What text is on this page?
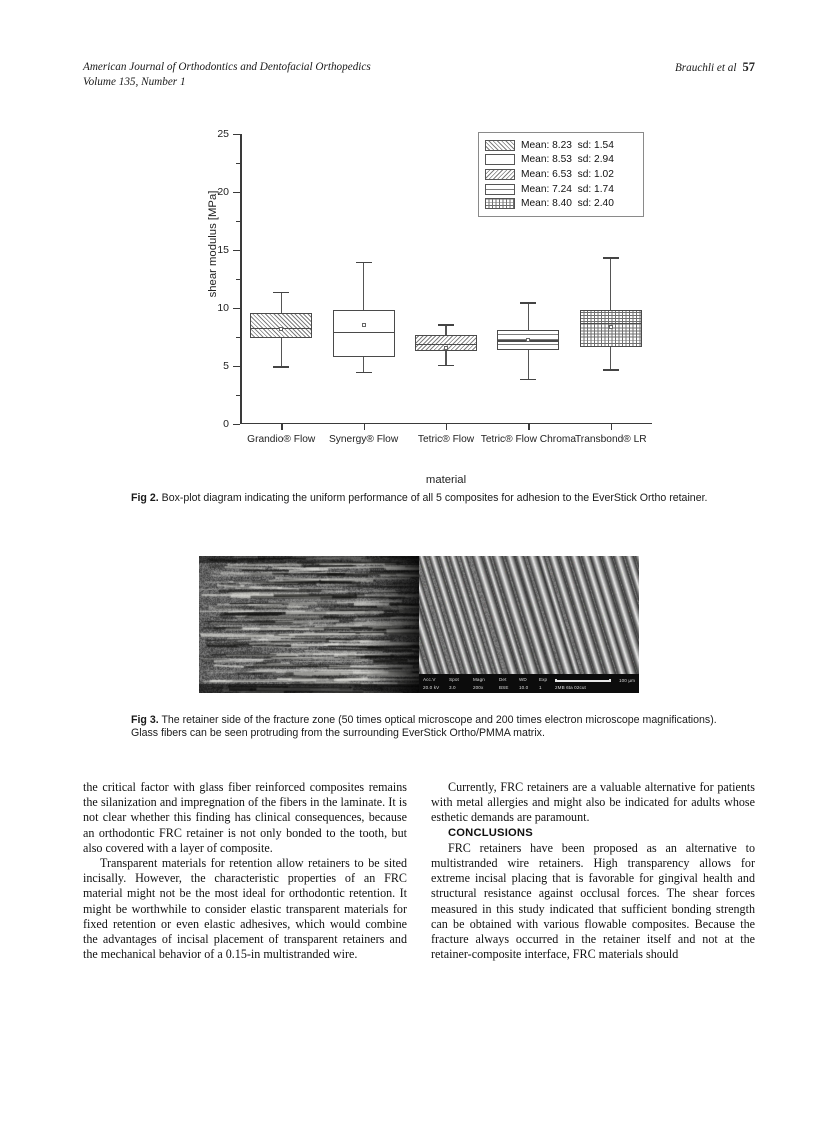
American Journal of Orthodontics and Dentofacial Orthopedics
Volume 135, Number 1
Brauchli et al 57
shear modulus [MPa]
0
5
10
15
20
25
Grandio® Flow	Synergy® Flow	Tetric® Flow Tetric® Flow Chroma
Transbond® LR
material
Mean: 8.23  sd: 1.54
Mean: 8.53  sd: 2.94
Mean: 6.53  sd: 1.02
Mean: 7.24  sd: 1.74
Mean: 8.40  sd: 2.40
Fig 2. Box-plot diagram indicating the uniform performance of all 5 composites for adhesion to the EverStick Ortho retainer.
Acc.V	Spot	Magn	Det	WD	Exp
20.0 kV	3.0	200x	BSE	10.0	1	2MB 6ta 02cut
100 µm
Fig 3. The retainer side of the fracture zone (50 times optical microscope and 200 times electron microscope magnifications). Glass fibers can be seen protruding from the surrounding EverStick Ortho/PMMA matrix.

the critical factor with glass fiber reinforced composites remains the silanization and impregnation of the fibers in the laminate. It is not clear whether this finding has clinical consequences, because an orthodontic FRC retainer is not only bonded to the tooth, but also covered with a layer of composite.

Transparent materials for retention allow retainers to be sited incisally. However, the characteristic properties of an FRC material might not be the most ideal for orthodontic retention. It might be worthwhile to consider elastic transparent materials for fixed retention or even elastic adhesives, which would combine the advantages of incisal placement of transparent retainers and the mechanical behavior of a 0.15-in multistranded wire.

Currently, FRC retainers are a valuable alternative for patients with metal allergies and might also be indicated for adults whose esthetic demands are paramount.

CONCLUSIONS

FRC retainers have been proposed as an alternative to multistranded wire retainers. High transparency allows for extreme incisal placing that is favorable for gingival health and structural resistance against occlusal forces. The shear forces measured in this study indicated that sufficient bonding strength can be obtained with various flowable composites. Because the fracture always occurred in the retainer itself and not at the retainer-composite interface, FRC materials should
